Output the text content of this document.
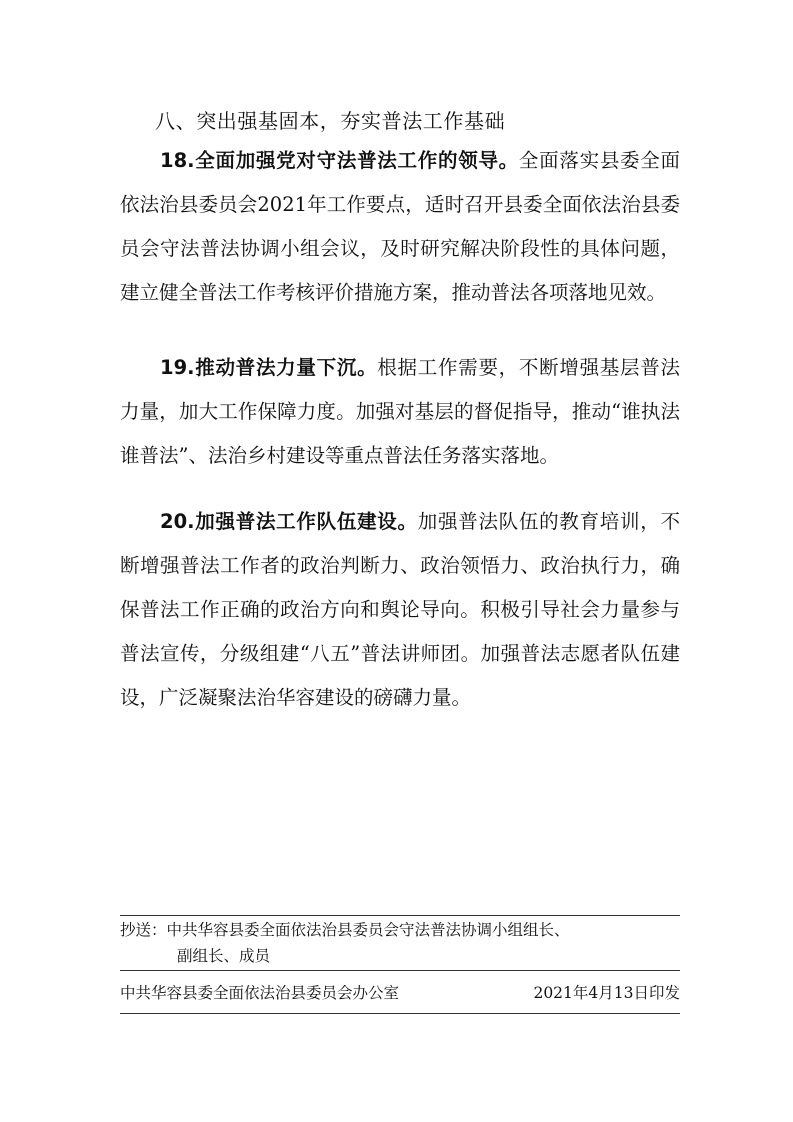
八、突出强基固本，夯实普法工作基础

18.全面加强党对守法普法工作的领导。全面落实县委全面依法治县委员会2021年工作要点，适时召开县委全面依法治县委员会守法普法协调小组会议，及时研究解决阶段性的具体问题，建立健全普法工作考核评价措施方案，推动普法各项落地见效。

19.推动普法力量下沉。根据工作需要，不断增强基层普法力量，加大工作保障力度。加强对基层的督促指导，推动“谁执法谁普法”、法治乡村建设等重点普法任务落实落地。

20.加强普法工作队伍建设。加强普法队伍的教育培训，不断增强普法工作者的政治判断力、政治领悟力、政治执行力，确保普法工作正确的政治方向和舆论导向。积极引导社会力量参与普法宣传，分级组建“八五”普法讲师团。加强普法志愿者队伍建设，广泛凝聚法治华容建设的磅礴力量。

抄送：中共华容县委全面依法治县委员会守法普法协调小组组长、
副组长、成员
中共华容县委全面依法治县委员会办公室	2021年4月13日印发
